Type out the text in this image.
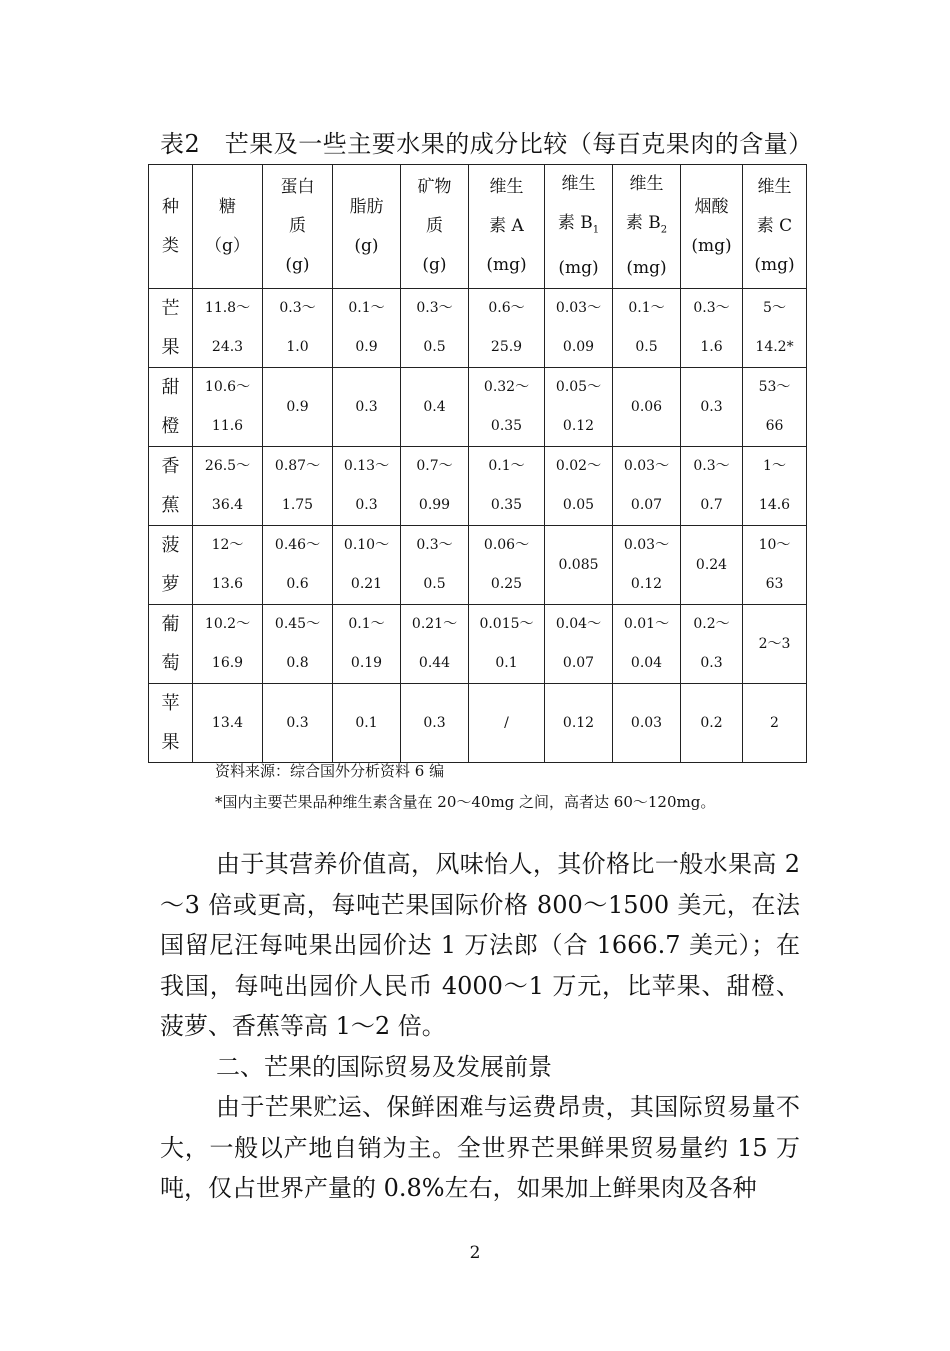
表2　芒果及一些主要水果的成分比较（每百克果肉的含量）
种
类	糖
（g）	蛋白
质
(g)	脂肪
(g)	矿物
质
(g)	维生
素 A
(mg)	维生
素 $B_1$
(mg)	维生
素 $B_2$
(mg)	烟酸
(mg)	维生
素 C
(mg)

芒
果	11.8～
24.3	0.3～
1.0	0.1～
0.9	0.3～
0.5	0.6～
25.9	0.03～
0.09	0.1～
0.5	0.3～
1.6	5～
14.2*

甜
橙	10.6～
11.6	0.9	0.3	0.4	0.32～
0.35	0.05～
0.12	0.06	0.3	53～
66

香
蕉	26.5～
36.4	0.87～
1.75	0.13～
0.3	0.7～
0.99	0.1～
0.35	0.02～
0.05	0.03～
0.07	0.3～
0.7	1～
14.6

菠
萝	12～
13.6	0.46～
0.6	0.10～
0.21	0.3～
0.5	0.06～
0.25	0.085	0.03～
0.12	0.24	10～
63

葡
萄	10.2～
16.9	0.45～
0.8	0.1～
0.19	0.21～
0.44	0.015～
0.1	0.04～
0.07	0.01～
0.04	0.2～
0.3	2～3

苹
果	13.4	0.3	0.1	0.3	/	0.12	0.03	0.2	2
资料来源：综合国外分析资料 6 编
*国内主要芒果品种维生素含量在 20～40mg 之间，高者达 60～120mg。

由于其营养价值高，风味怡人，其价格比一般水果高 2～3 倍或更高，每吨芒果国际价格 800～1500 美元，在法国留尼汪每吨果出园价达 1 万法郎（合 1666.7 美元）；在我国，每吨出园价人民币 4000～1 万元，比苹果、甜橙、菠萝、香蕉等高 1～2 倍。

二、芒果的国际贸易及发展前景

由于芒果贮运、保鲜困难与运费昂贵，其国际贸易量不大，一般以产地自销为主。全世界芒果鲜果贸易量约 15 万吨，仅占世界产量的 0.8%左右，如果加上鲜果肉及各种

2
